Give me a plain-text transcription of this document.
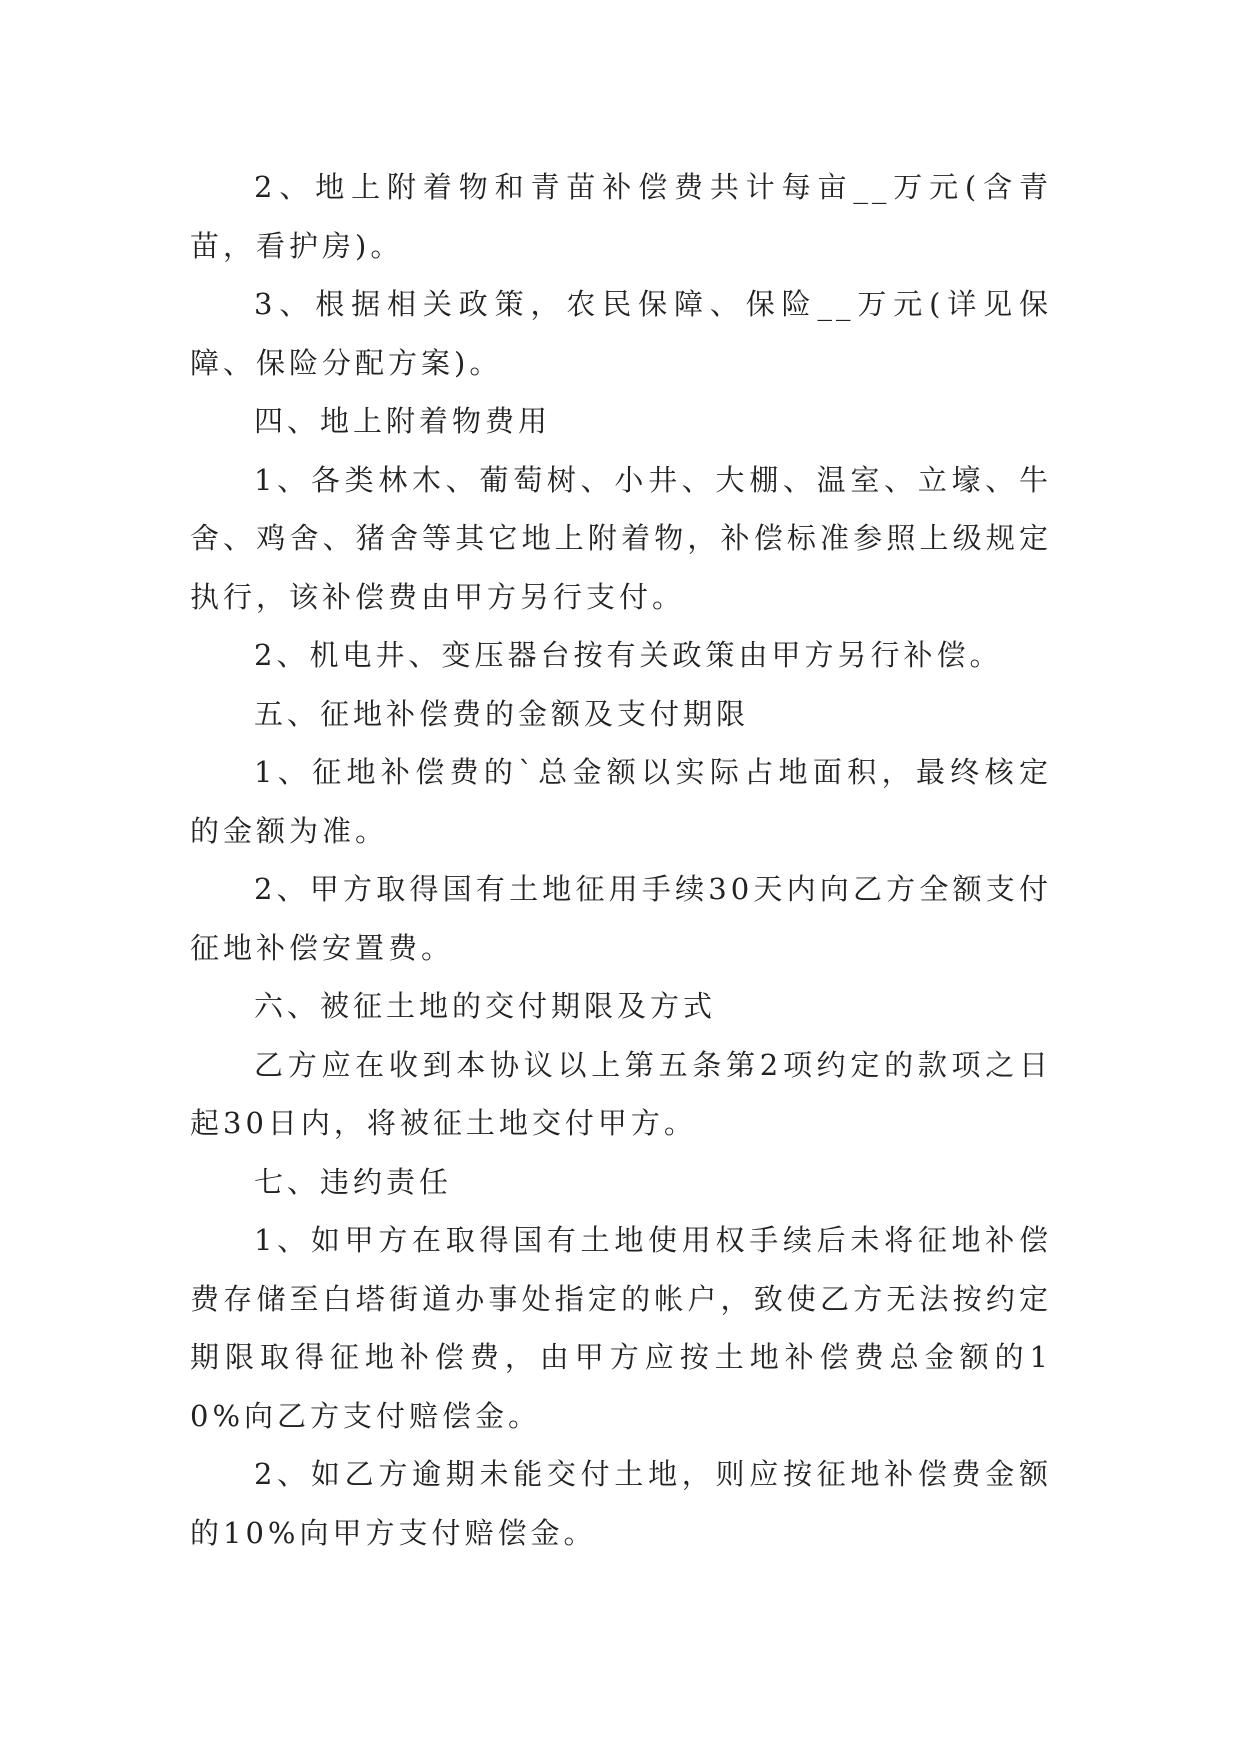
2、地上附着物和青苗补偿费共计每亩__万元(含青苗，看护房)。

3、根据相关政策，农民保障、保险__万元(详见保障、保险分配方案)。

四、地上附着物费用

1、各类林木、葡萄树、小井、大棚、温室、立壕、牛舍、鸡舍、猪舍等其它地上附着物，补偿标准参照上级规定执行，该补偿费由甲方另行支付。

2、机电井、变压器台按有关政策由甲方另行补偿。

五、征地补偿费的金额及支付期限

1、征地补偿费的`总金额以实际占地面积，最终核定的金额为准。

2、甲方取得国有土地征用手续30天内向乙方全额支付征地补偿安置费。

六、被征土地的交付期限及方式

乙方应在收到本协议以上第五条第2项约定的款项之日起30日内，将被征土地交付甲方。

七、违约责任

1、如甲方在取得国有土地使用权手续后未将征地补偿费存储至白塔街道办事处指定的帐户，致使乙方无法按约定期限取得征地补偿费，由甲方应按土地补偿费总金额的10%向乙方支付赔偿金。

2、如乙方逾期未能交付土地，则应按征地补偿费金额的10%向甲方支付赔偿金。
